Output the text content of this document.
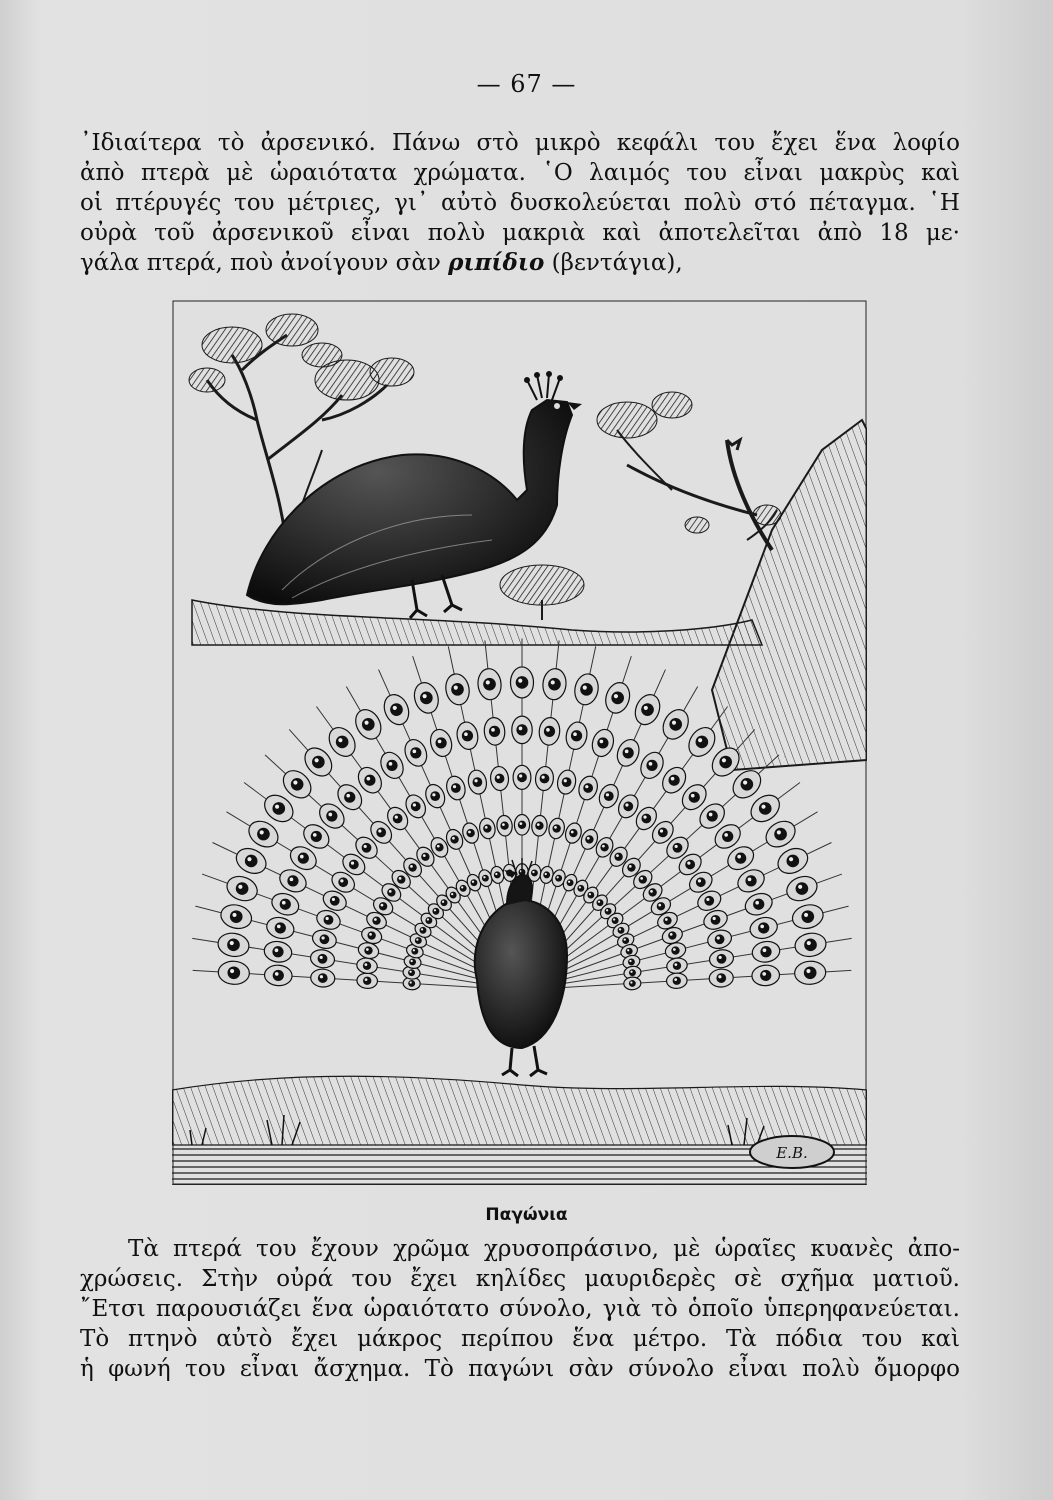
— 67 —
᾿Ιδιαίτερα τὸ ἀρσενικό. Πάνω στὸ μικρὸ κεφάλι του ἔχει ἕνα λοφίο
ἀπὸ πτερὰ μὲ ὡραιότατα χρώματα. ῾Ο λαιμός του εἶναι μακρὺς καὶ
οἱ πτέρυγές του μέτριες, γι᾿ αὐτὸ δυσκολεύεται πολὺ στό πέταγμα. ῾Η
οὐρὰ τοῦ ἀρσενικοῦ εἶναι πολὺ μακριὰ καὶ ἀποτελεῖται ἀπὸ 18 με·
γάλα πτερά, ποὺ ἀνοίγουν σὰν ριπίδιο (βεντάγια),
Ε.Β.
Παγώνια
Τὰ πτερά του ἔχουν χρῶμα χρυσοπράσινο, μὲ ὡραῖες κυανὲς ἀπο-
χρώσεις. Στὴν οὐρά του ἔχει κηλίδες μαυριδερὲς σὲ σχῆμα ματιοῦ.
῎Ετσι παρουσιάζει ἕνα ὡραιότατο σύνολο, γιὰ τὸ ὁποῖο ὑπερηφανεύεται.
Τὸ πτηνὸ αὐτὸ ἔχει μάκρος περίπου ἕνα μέτρο. Τὰ πόδια του καὶ
ἡ φωνή του εἶναι ἄσχημα. Τὸ παγώνι σὰν σύνολο εἶναι πολὺ ὄμορφο
